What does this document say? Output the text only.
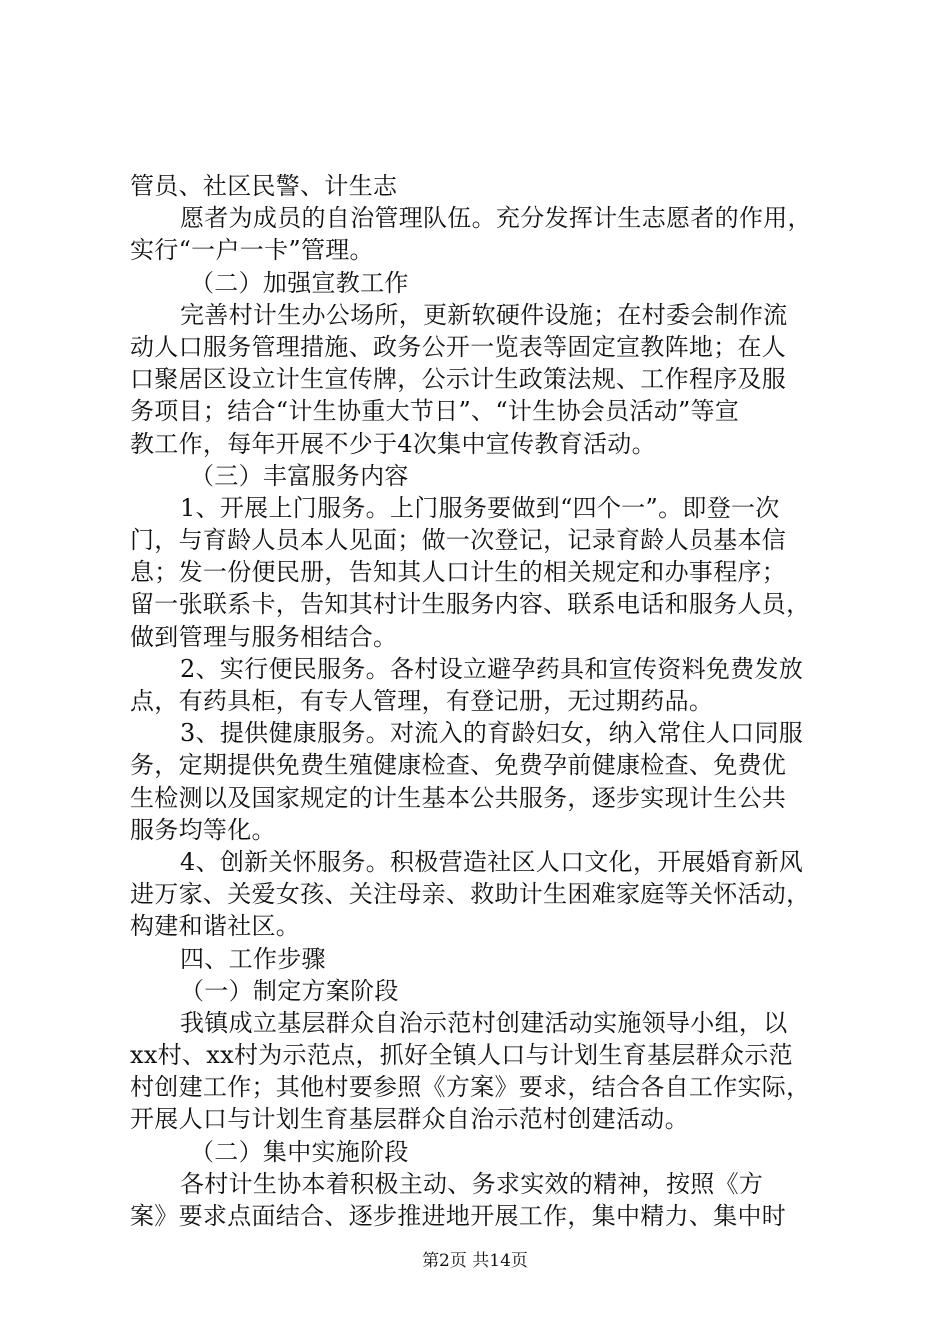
管员、社区民警、计生志
愿者为成员的自治管理队伍。充分发挥计生志愿者的作用，
实行“一户一卡”管理。
（二）加强宣教工作
完善村计生办公场所，更新软硬件设施；在村委会制作流
动人口服务管理措施、政务公开一览表等固定宣教阵地；在人
口聚居区设立计生宣传牌，公示计生政策法规、工作程序及服
务项目；结合“计生协重大节日”、“计生协会员活动”等宣
教工作，每年开展不少于4次集中宣传教育活动。
（三）丰富服务内容
1、开展上门服务。上门服务要做到“四个一”。即登一次
门，与育龄人员本人见面；做一次登记，记录育龄人员基本信
息；发一份便民册，告知其人口计生的相关规定和办事程序；
留一张联系卡，告知其村计生服务内容、联系电话和服务人员，
做到管理与服务相结合。
2、实行便民服务。各村设立避孕药具和宣传资料免费发放
点，有药具柜，有专人管理，有登记册，无过期药品。
3、提供健康服务。对流入的育龄妇女，纳入常住人口同服
务，定期提供免费生殖健康检查、免费孕前健康检查、免费优
生检测以及国家规定的计生基本公共服务，逐步实现计生公共
服务均等化。
4、创新关怀服务。积极营造社区人口文化，开展婚育新风
进万家、关爱女孩、关注母亲、救助计生困难家庭等关怀活动，
构建和谐社区。
四、工作步骤
（一）制定方案阶段
我镇成立基层群众自治示范村创建活动实施领导小组，以
xx村、xx村为示范点，抓好全镇人口与计划生育基层群众示范
村创建工作；其他村要参照《方案》要求，结合各自工作实际，
开展人口与计划生育基层群众自治示范村创建活动。
（二）集中实施阶段
各村计生协本着积极主动、务求实效的精神，按照《方
案》要求点面结合、逐步推进地开展工作，集中精力、集中时
第2页 共14页
